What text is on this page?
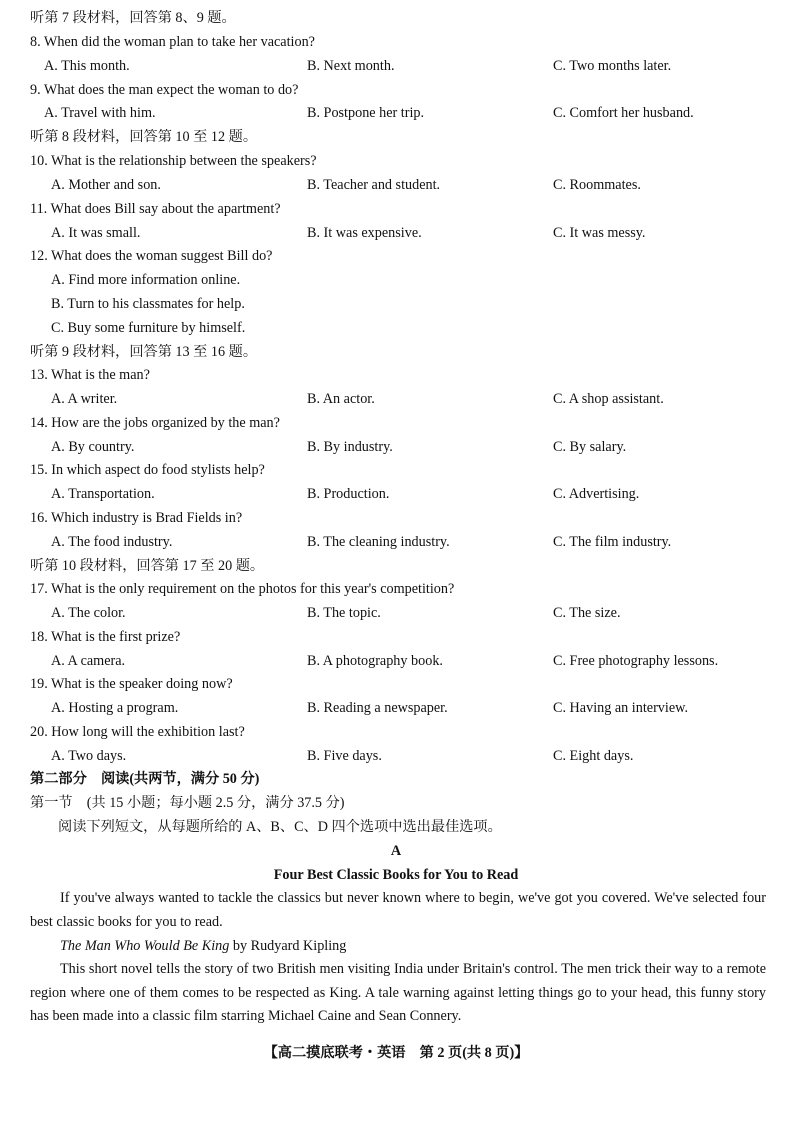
听第 7 段材料，回答第 8、9 题。
8. When did the woman plan to take her vacation?
A. This month.	B. Next month.	C. Two months later.
9. What does the man expect the woman to do?
A. Travel with him.	B. Postpone her trip.	C. Comfort her husband.
听第 8 段材料，回答第 10 至 12 题。
10. What is the relationship between the speakers?
A. Mother and son.	B. Teacher and student.	C. Roommates.
11. What does Bill say about the apartment?
A. It was small.	B. It was expensive.	C. It was messy.
12. What does the woman suggest Bill do?
A. Find more information online.
B. Turn to his classmates for help.
C. Buy some furniture by himself.
听第 9 段材料，回答第 13 至 16 题。
13. What is the man?
A. A writer.	B. An actor.	C. A shop assistant.
14. How are the jobs organized by the man?
A. By country.	B. By industry.	C. By salary.
15. In which aspect do food stylists help?
A. Transportation.	B. Production.	C. Advertising.
16. Which industry is Brad Fields in?
A. The food industry.	B. The cleaning industry.	C. The film industry.
听第 10 段材料，回答第 17 至 20 题。
17. What is the only requirement on the photos for this year's competition?
A. The color.	B. The topic.	C. The size.
18. What is the first prize?
A. A camera.	B. A photography book.	C. Free photography lessons.
19. What is the speaker doing now?
A. Hosting a program.	B. Reading a newspaper.	C. Having an interview.
20. How long will the exhibition last?
A. Two days.	B. Five days.	C. Eight days.
第二部分　阅读(共两节，满分 50 分)
第一节　(共 15 小题；每小题 2.5 分，满分 37.5 分)
阅读下列短文，从每题所给的 A、B、C、D 四个选项中选出最佳选项。
A
Four Best Classic Books for You to Read
If you've always wanted to tackle the classics but never known where to begin, we've got you covered. We've selected four best classic books for you to read.
The Man Who Would Be King by Rudyard Kipling
This short novel tells the story of two British men visiting India under Britain's control. The men trick their way to a remote region where one of them comes to be respected as King. A tale warning against letting things go to your head, this funny story has been made into a classic film starring Michael Caine and Sean Connery.
【高二摸底联考・英语　第 2 页(共 8 页)】
